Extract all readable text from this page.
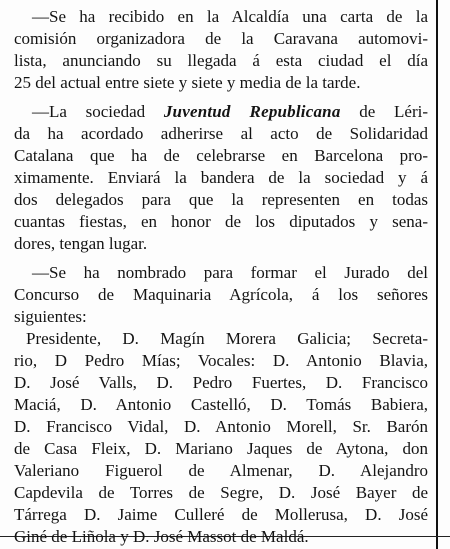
—Se ha recibido en la Alcaldía una carta de la
comisión organizadora de la Caravana automovi-
lista, anunciando su llegada á esta ciudad el día
25 del actual entre siete y siete y media de la tarde.

—La sociedad Juventud Republicana de Léri-
da ha acordado adherirse al acto de Solidaridad
Catalana que ha de celebrarse en Barcelona pro-
ximamente. Enviará la bandera de la sociedad y á
dos delegados para que la representen en todas
cuantas fiestas, en honor de los diputados y sena-
dores, tengan lugar.

—Se ha nombrado para formar el Jurado del
Concurso de Maquinaria Agrícola, á los señores
siguientes:
Presidente, D. Magín Morera Galicia; Secreta-
rio, D Pedro Mías; Vocales: D. Antonio Blavia,
D. José Valls, D. Pedro Fuertes, D. Francisco
Maciá, D. Antonio Castelló, D. Tomás Babiera,
D. Francisco Vidal, D. Antonio Morell, Sr. Barón
de Casa Fleix, D. Mariano Jaques de Aytona, don
Valeriano Figuerol de Almenar, D. Alejandro
Capdevila de Torres de Segre, D. José Bayer de
Tárrega D. Jaime Culleré de Mollerusa, D. José
Giné de Liñola y D. José Massot de Maldá.
